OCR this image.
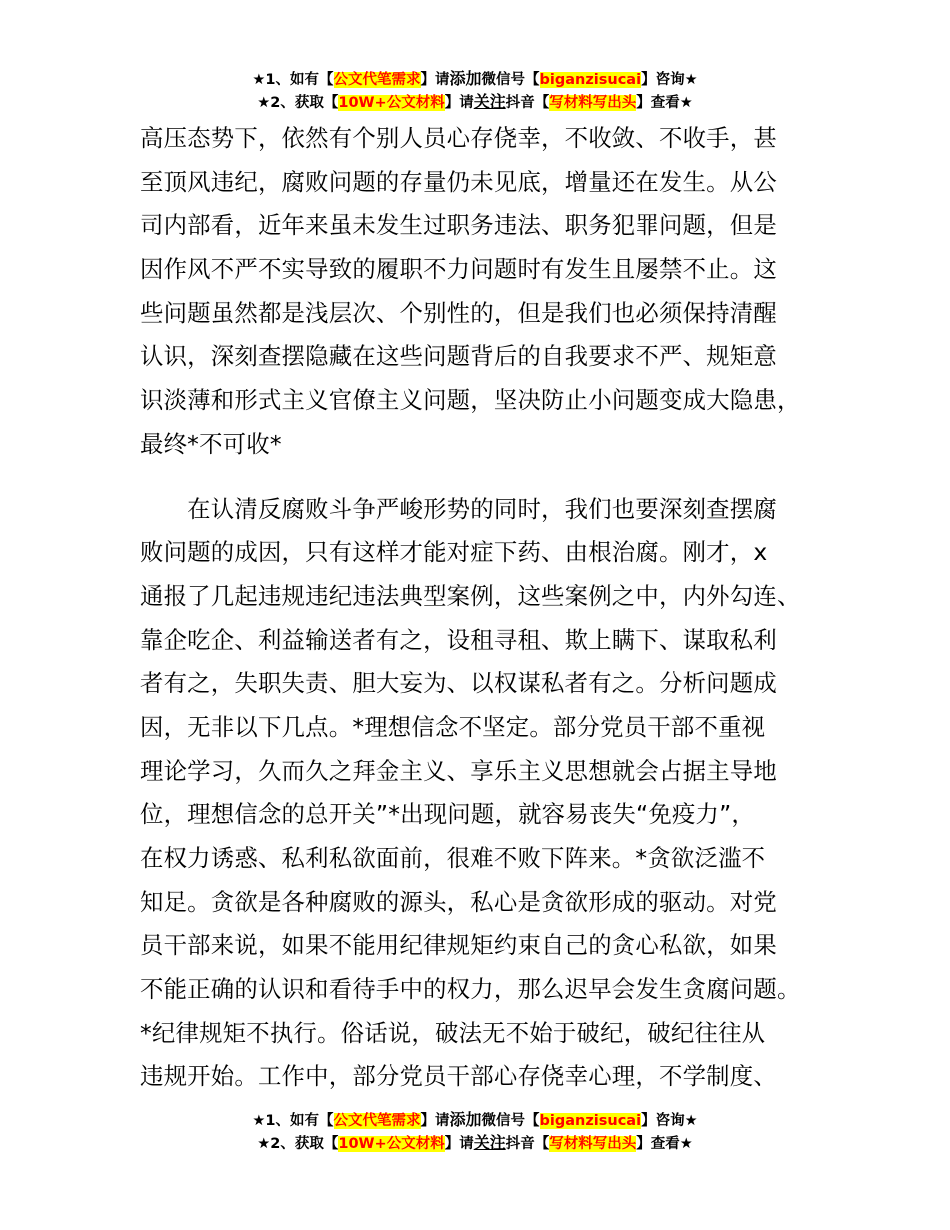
★1、如有【公文代笔需求】请添加微信号【biganzisucai】咨询★
★2、获取【10W+公文材料】请关注抖音【写材料写出头】查看★
高压态势下，依然有个别人员心存侥幸，不收敛、不收手，甚
至顶风违纪，腐败问题的存量仍未见底，增量还在发生。从公
司内部看，近年来虽未发生过职务违法、职务犯罪问题，但是
因作风不严不实导致的履职不力问题时有发生且屡禁不止。这
些问题虽然都是浅层次、个别性的，但是我们也必须保持清醒
认识，深刻查摆隐藏在这些问题背后的自我要求不严、规矩意
识淡薄和形式主义官僚主义问题，坚决防止小问题变成大隐患，
最终*不可收*
　　在认清反腐败斗争严峻形势的同时，我们也要深刻查摆腐
败问题的成因，只有这样才能对症下药、由根治腐。刚才，x
通报了几起违规违纪违法典型案例，这些案例之中，内外勾连、
靠企吃企、利益输送者有之，设租寻租、欺上瞒下、谋取私利
者有之，失职失责、胆大妄为、以权谋私者有之。分析问题成
因，无非以下几点。*理想信念不坚定。部分党员干部不重视
理论学习，久而久之拜金主义、享乐主义思想就会占据主导地
位，理想信念的总开关”*出现问题，就容易丧失“免疫力”，
在权力诱惑、私利私欲面前，很难不败下阵来。*贪欲泛滥不
知足。贪欲是各种腐败的源头，私心是贪欲形成的驱动。对党
员干部来说，如果不能用纪律规矩约束自己的贪心私欲，如果
不能正确的认识和看待手中的权力，那么迟早会发生贪腐问题。
*纪律规矩不执行。俗话说，破法无不始于破纪，破纪往往从
违规开始。工作中，部分党员干部心存侥幸心理，不学制度、
★1、如有【公文代笔需求】请添加微信号【biganzisucai】咨询★
★2、获取【10W+公文材料】请关注抖音【写材料写出头】查看★
